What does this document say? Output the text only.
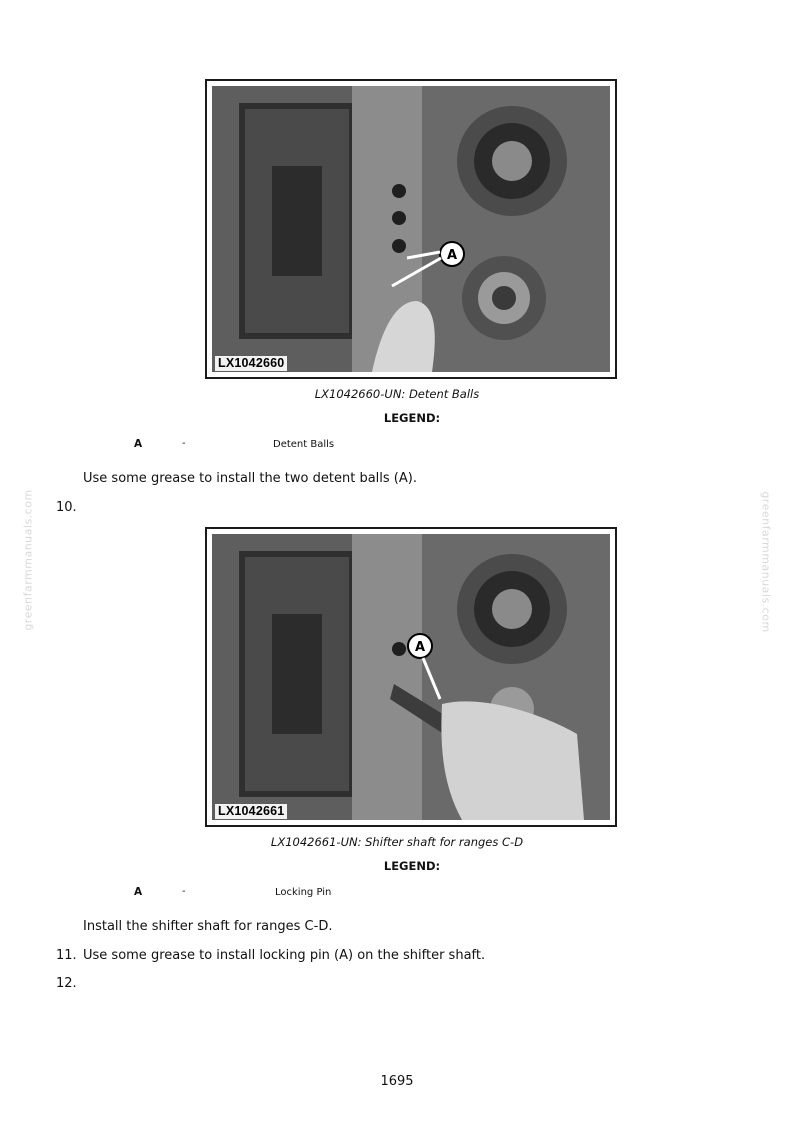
greenfarmmanuals.com	greenfarmmanuals.com
A
LX1042660
LX1042660-UN: Detent Balls
LEGEND:
A	-	Detent Balls
Use some grease to install the two detent balls (A).
10.
A
LX1042661
LX1042661-UN: Shifter shaft for ranges C-D
LEGEND:
A	-	Locking Pin
Install the shifter shaft for ranges C-D.
11. Use some grease to install locking pin (A) on the shifter shaft.
12.
1695
